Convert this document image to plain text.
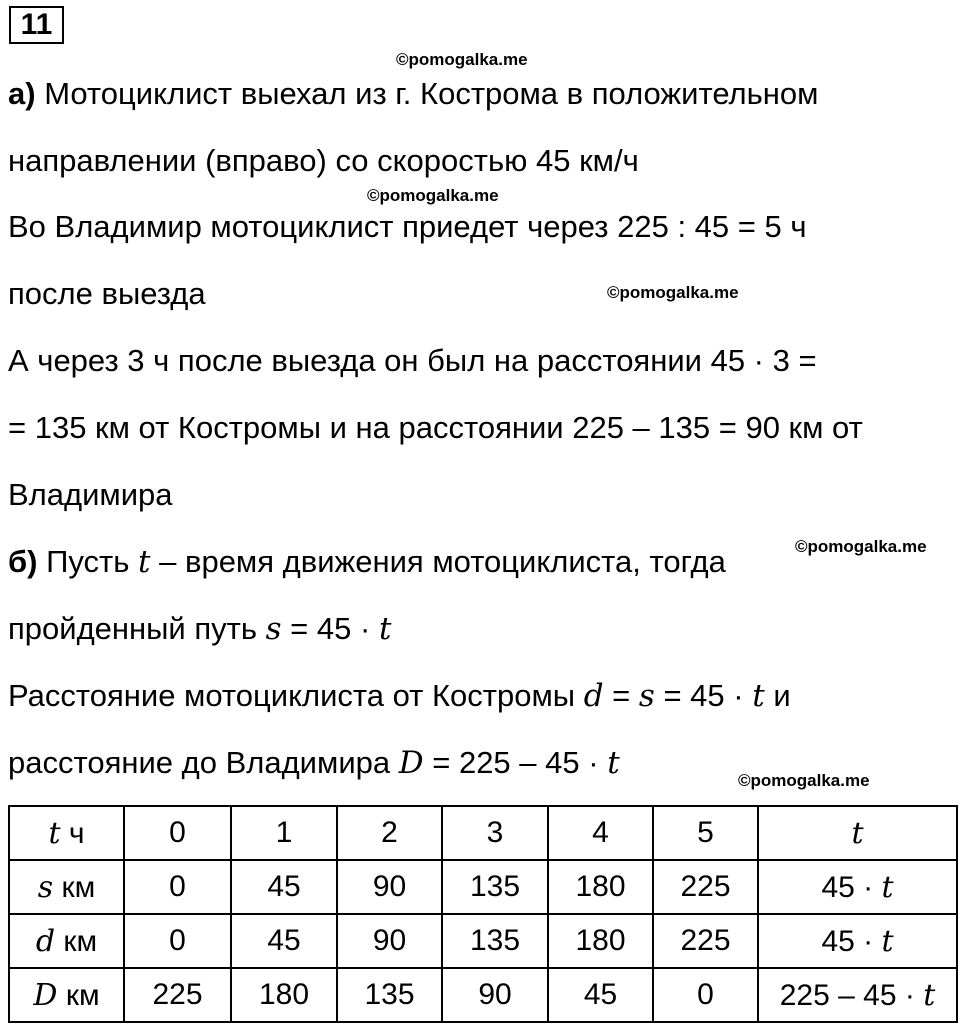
11
©pomogalka.me
©pomogalka.me
©pomogalka.me
©pomogalka.me
©pomogalka.me
а) Мотоциклист выехал из г. Кострома в положительном
направлении (вправо) со скоростью 45 км/ч
Во Владимир мотоциклист приедет через 225 : 45 = 5 ч
после выезда
А через 3 ч после выезда он был на расстоянии 45 · 3 =
= 135 км от Костромы и на расстоянии 225 – 135 = 90 км от
Владимира
б) Пусть t – время движения мотоциклиста, тогда
пройденный путь s = 45 · t
Расстояние мотоциклиста от Костромы d = s = 45 · t и
расстояние до Владимира D = 225 – 45 · t
t ч	0	1	2	3	4	5	t
s км	0	45	90	135	180	225	45 · t
d км	0	45	90	135	180	225	45 · t
D км	225	180	135	90	45	0	225 – 45 · t
